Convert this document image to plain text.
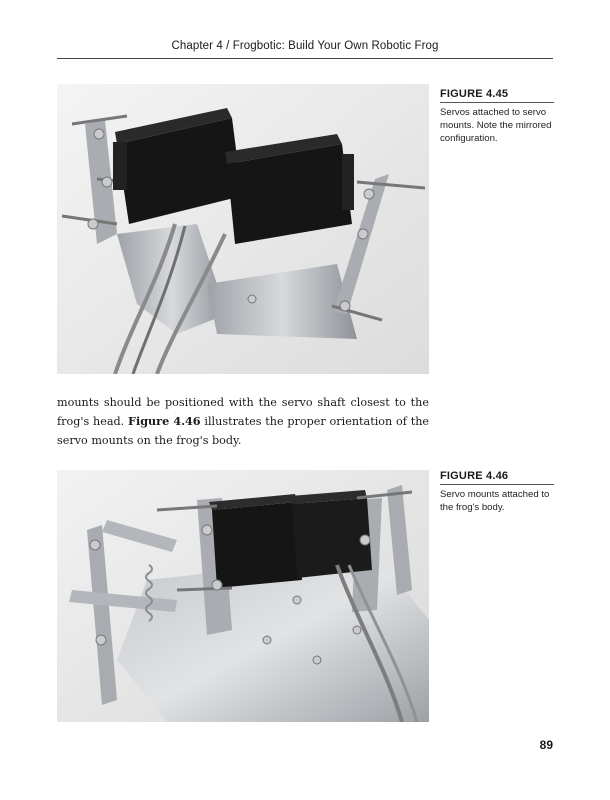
Chapter 4 / Frogbotic: Build Your Own Robotic Frog
FIGURE 4.45
Servos attached to servo mounts. Note the mirrored configuration.
mounts should be positioned with the servo shaft closest to the frog's head. Figure 4.46 illustrates the proper orientation of the servo mounts on the frog's body.
FIGURE 4.46
Servo mounts attached to the frog's body.
89
